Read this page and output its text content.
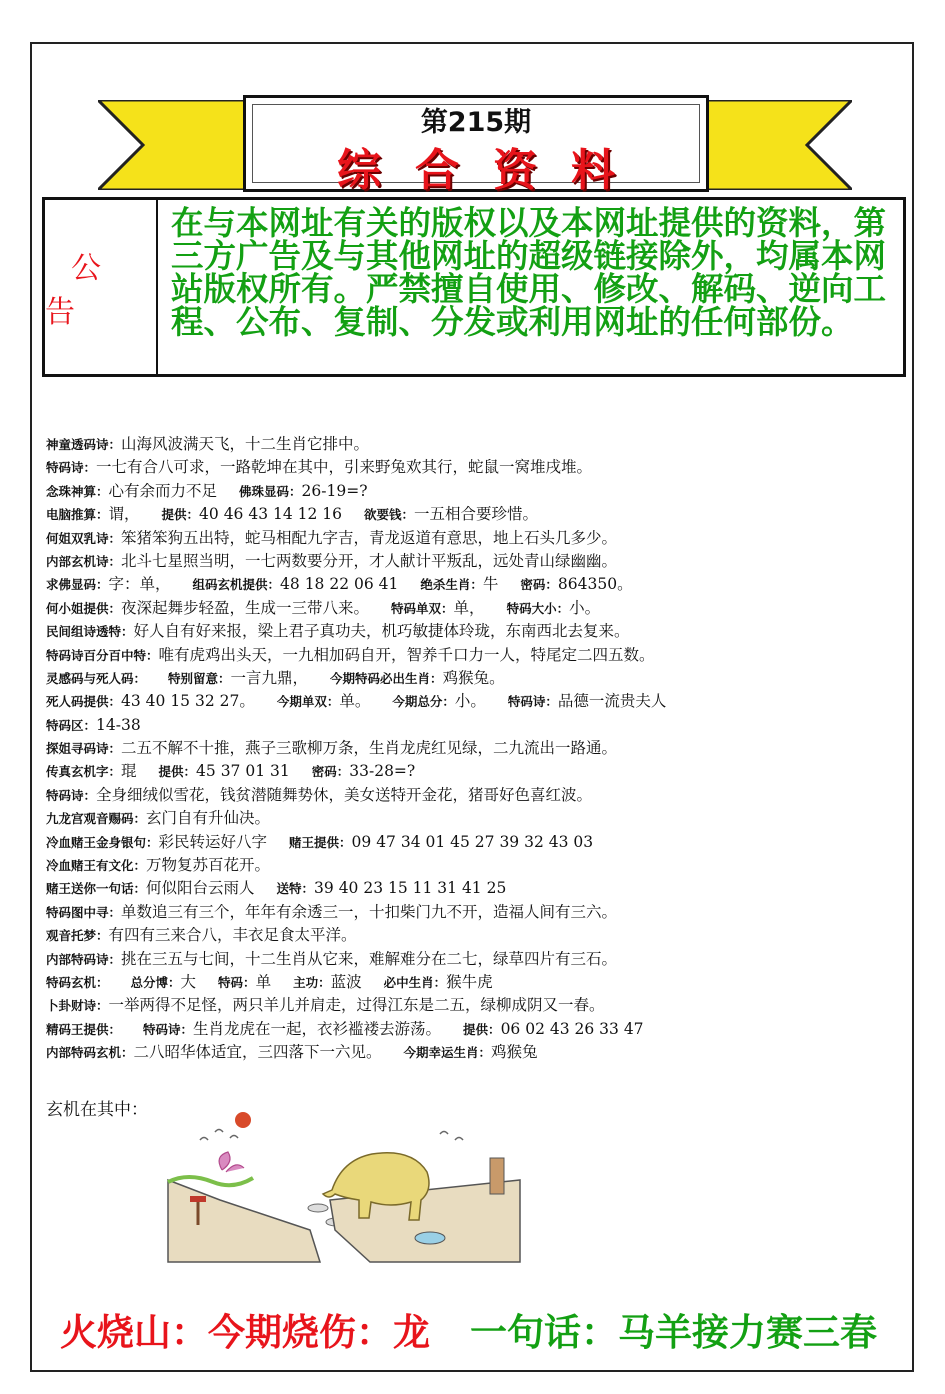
第215期
综合资料
公告
在与本网址有关的版权以及本网址提供的资料，第三方广告及与其他网址的超级链接除外，均属本网站版权所有。严禁擅自使用、修改、解码、逆向工程、公布、复制、分发或利用网址的任何部份。
神童透码诗：山海风波满天飞，十二生肖它排中。
特码诗：一七有合八可求，一路乾坤在其中，引来野兔欢其行，蛇鼠一窝堆戌堆。
念珠神算：心有余而力不足 佛珠显码：26-19=?
电脑推算：谓， 提供：40 46 43 14 12 16 欲要钱：一五相合要珍惜。
何姐双乳诗：笨猪笨狗五出特，蛇马相配九字吉，青龙返道有意思，地上石头几多少。
内部玄机诗：北斗七星照当明，一七两数要分开，才人献计平叛乱，远处青山绿幽幽。
求佛显码：字：单， 组码玄机提供：48 18 22 06 41 绝杀生肖：牛 密码：864350。
何小姐提供：夜深起舞步轻盈，生成一三带八来。 特码单双：单， 特码大小：小。
民间组诗透特：好人自有好来报，梁上君子真功夫，机巧敏捷体玲珑，东南西北去复来。
特码诗百分百中特：唯有虎鸡出头天，一九相加码自开，智养千口力一人，特尾定二四五数。
灵感码与死人码： 特别留意：一言九鼎， 今期特码必出生肖：鸡猴兔。
死人码提供：43 40 15 32 27。 今期单双：单。 今期总分：小。 特码诗：品德一流贵夫人
特码区：14-38
探姐寻码诗：二五不解不十推，燕子三歌柳万条，生肖龙虎红见绿，二九流出一路通。
传真玄机字：琨 提供：45 37 01 31 密码：33-28=?
特码诗：全身细绒似雪花，钱贫潜随舞势休，美女送特开金花，猪哥好色喜红波。
九龙宫观音赐码：玄门自有升仙决。
冷血赌王金身银句：彩民转运好八字 赌王提供：09 47 34 01 45 27 39 32 43 03
冷血赌王有文化：万物复苏百花开。
赌王送你一句话：何似阳台云雨人 送特：39 40 23 15 11 31 41 25
特码图中寻：单数追三有三个，年年有余透三一，十扣柴门九不开，造福人间有三六。
观音托梦：有四有三来合八，丰衣足食太平洋。
内部特码诗：挑在三五与七间，十二生肖从它来，难解难分在二七，绿草四片有三石。
特码玄机： 总分博：大 特码：单 主功：蓝波 必中生肖：猴牛虎
卜卦财诗：一举两得不足怪，两只羊儿并肩走，过得江东是二五，绿柳成阴又一春。
精码王提供： 特码诗：生肖龙虎在一起，衣衫褴褛去游荡。 提供：06 02 43 26 33 47
内部特码玄机：二八昭华体适宜，三四落下一六见。 今期幸运生肖：鸡猴兔
玄机在其中：
火烧山：今期烧伤：龙 一句话：马羊接力赛三春
